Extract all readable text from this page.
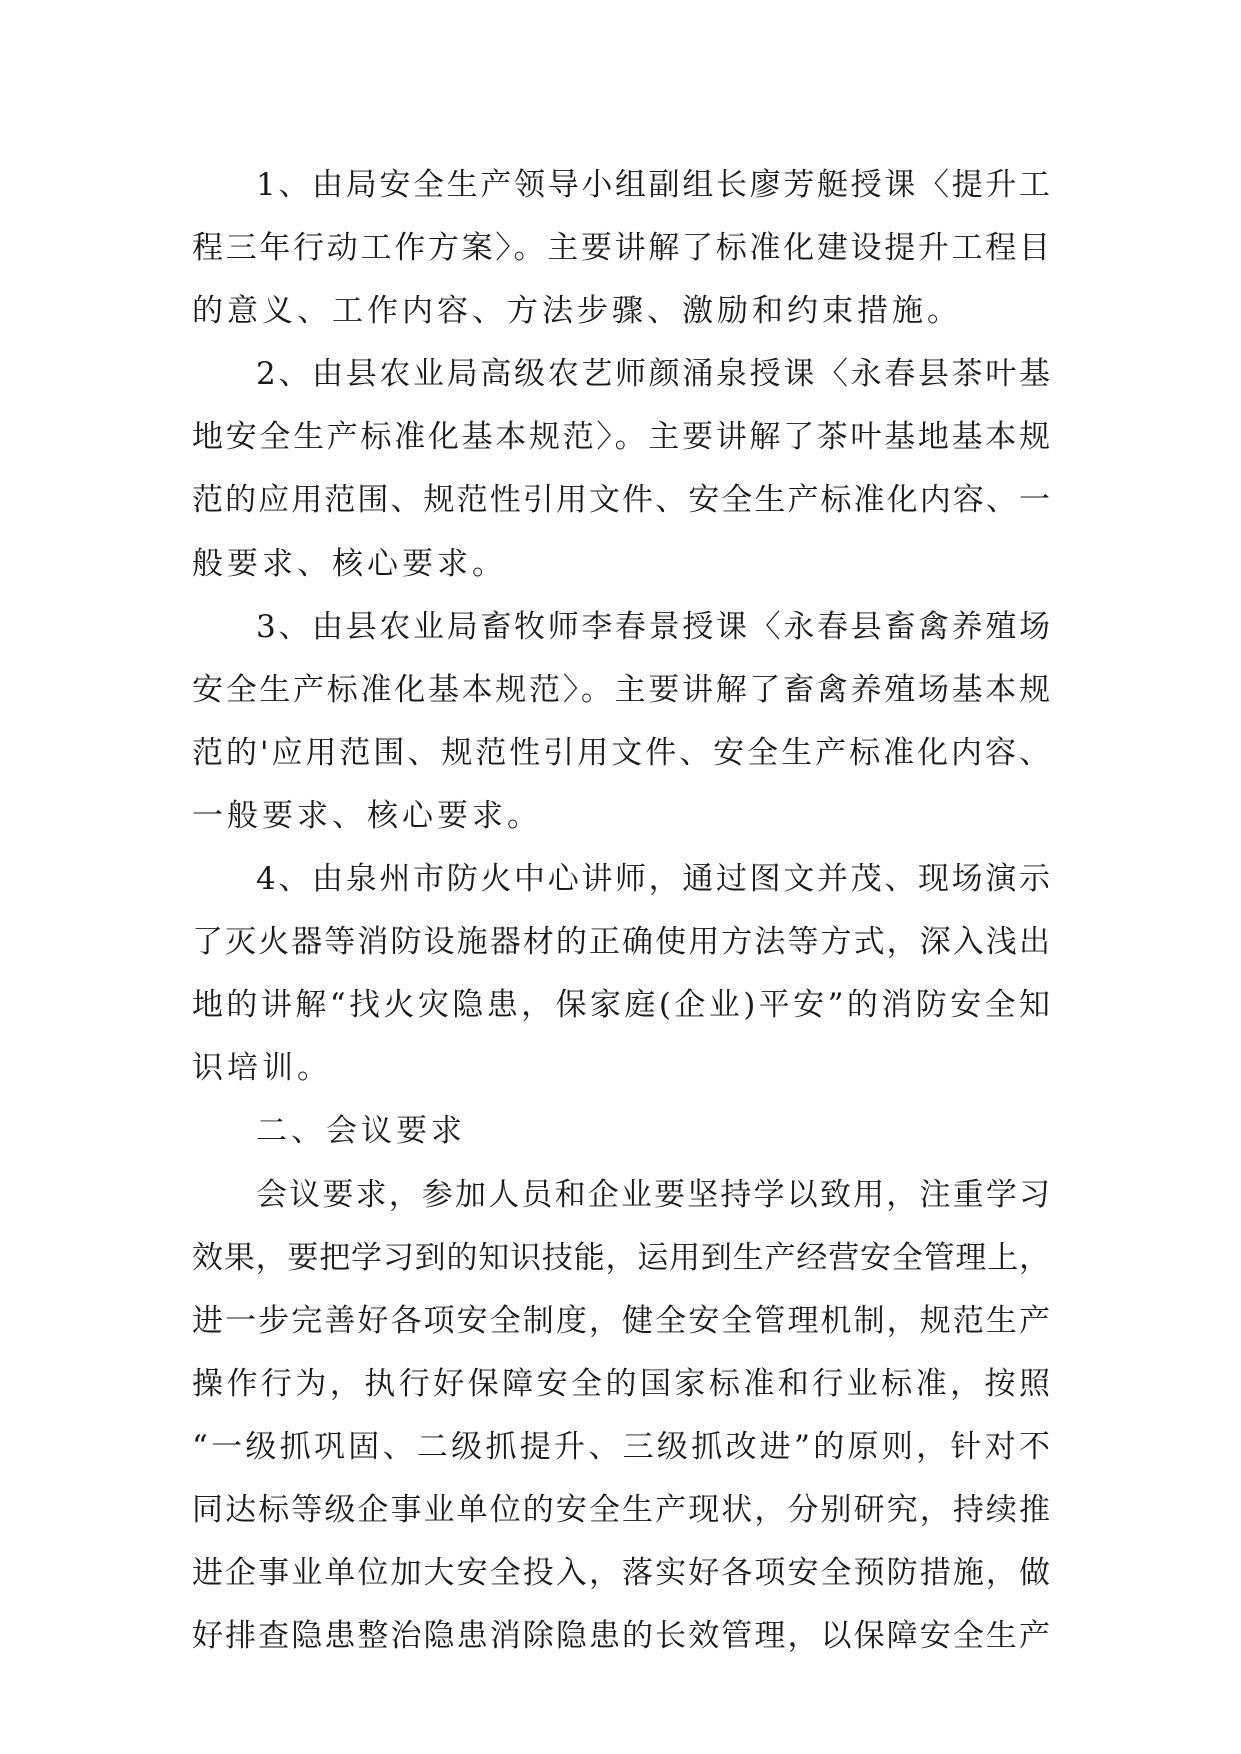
1、由局安全生产领导小组副组长廖芳艇授课〈提升工
程三年行动工作方案〉。主要讲解了标准化建设提升工程目
的意义、工作内容、方法步骤、激励和约束措施。
2、由县农业局高级农艺师颜涌泉授课〈永春县茶叶基
地安全生产标准化基本规范〉。主要讲解了茶叶基地基本规
范的应用范围、规范性引用文件、安全生产标准化内容、一
般要求、核心要求。
3、由县农业局畜牧师李春景授课〈永春县畜禽养殖场
安全生产标准化基本规范〉。主要讲解了畜禽养殖场基本规
范的'应用范围、规范性引用文件、安全生产标准化内容、
一般要求、核心要求。
4、由泉州市防火中心讲师，通过图文并茂、现场演示
了灭火器等消防设施器材的正确使用方法等方式，深入浅出
地的讲解“找火灾隐患，保家庭(企业)平安”的消防安全知
识培训。
二、会议要求
会议要求，参加人员和企业要坚持学以致用，注重学习
效果，要把学习到的知识技能，运用到生产经营安全管理上，
进一步完善好各项安全制度，健全安全管理机制，规范生产
操作行为，执行好保障安全的国家标准和行业标准，按照
“一级抓巩固、二级抓提升、三级抓改进”的原则，针对不
同达标等级企事业单位的安全生产现状，分别研究，持续推
进企事业单位加大安全投入，落实好各项安全预防措施，做
好排查隐患整治隐患消除隐患的长效管理，以保障安全生产
